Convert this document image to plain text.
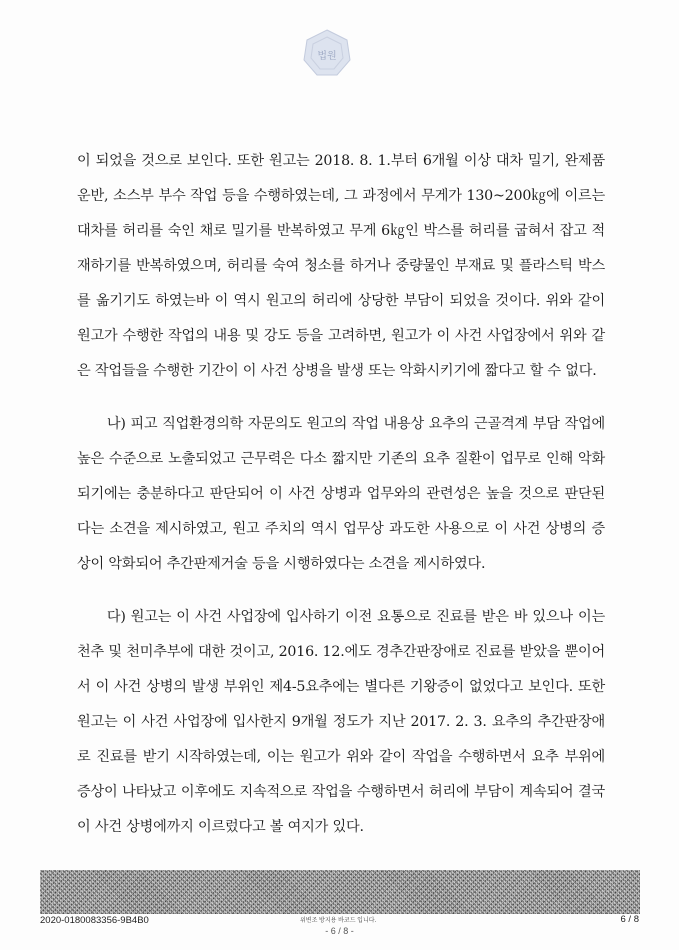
법원

이 되었을 것으로 보인다. 또한 원고는 2018. 8. 1.부터 6개월 이상 대차 밀기, 완제품 운반, 소스부 부수 작업 등을 수행하였는데, 그 과정에서 무게가 130~200㎏에 이르는 대차를 허리를 숙인 채로 밀기를 반복하였고 무게 6㎏인 박스를 허리를 굽혀서 잡고 적재하기를 반복하였으며, 허리를 숙여 청소를 하거나 중량물인 부재료 및 플라스틱 박스를 옮기기도 하였는바 이 역시 원고의 허리에 상당한 부담이 되었을 것이다. 위와 같이 원고가 수행한 작업의 내용 및 강도 등을 고려하면, 원고가 이 사건 사업장에서 위와 같은 작업들을 수행한 기간이 이 사건 상병을 발생 또는 악화시키기에 짧다고 할 수 없다.

나) 피고 직업환경의학 자문의도 원고의 작업 내용상 요추의 근골격계 부담 작업에 높은 수준으로 노출되었고 근무력은 다소 짧지만 기존의 요추 질환이 업무로 인해 악화되기에는 충분하다고 판단되어 이 사건 상병과 업무와의 관련성은 높을 것으로 판단된다는 소견을 제시하였고, 원고 주치의 역시 업무상 과도한 사용으로 이 사건 상병의 증상이 악화되어 추간판제거술 등을 시행하였다는 소견을 제시하였다.

다) 원고는 이 사건 사업장에 입사하기 이전 요통으로 진료를 받은 바 있으나 이는 천추 및 천미추부에 대한 것이고, 2016. 12.에도 경추간판장애로 진료를 받았을 뿐이어서 이 사건 상병의 발생 부위인 제4-5요추에는 별다른 기왕증이 없었다고 보인다. 또한 원고는 이 사건 사업장에 입사한지 9개월 정도가 지난 2017. 2. 3. 요추의 추간판장애로 진료를 받기 시작하였는데, 이는 원고가 위와 같이 작업을 수행하면서 요추 부위에 증상이 나타났고 이후에도 지속적으로 작업을 수행하면서 허리에 부담이 계속되어 결국 이 사건 상병에까지 이르렀다고 볼 여지가 있다.

2020-0180083356-9B4B0	위변조 방지용 바코드 입니다.	6 / 8
- 6 / 8 -
